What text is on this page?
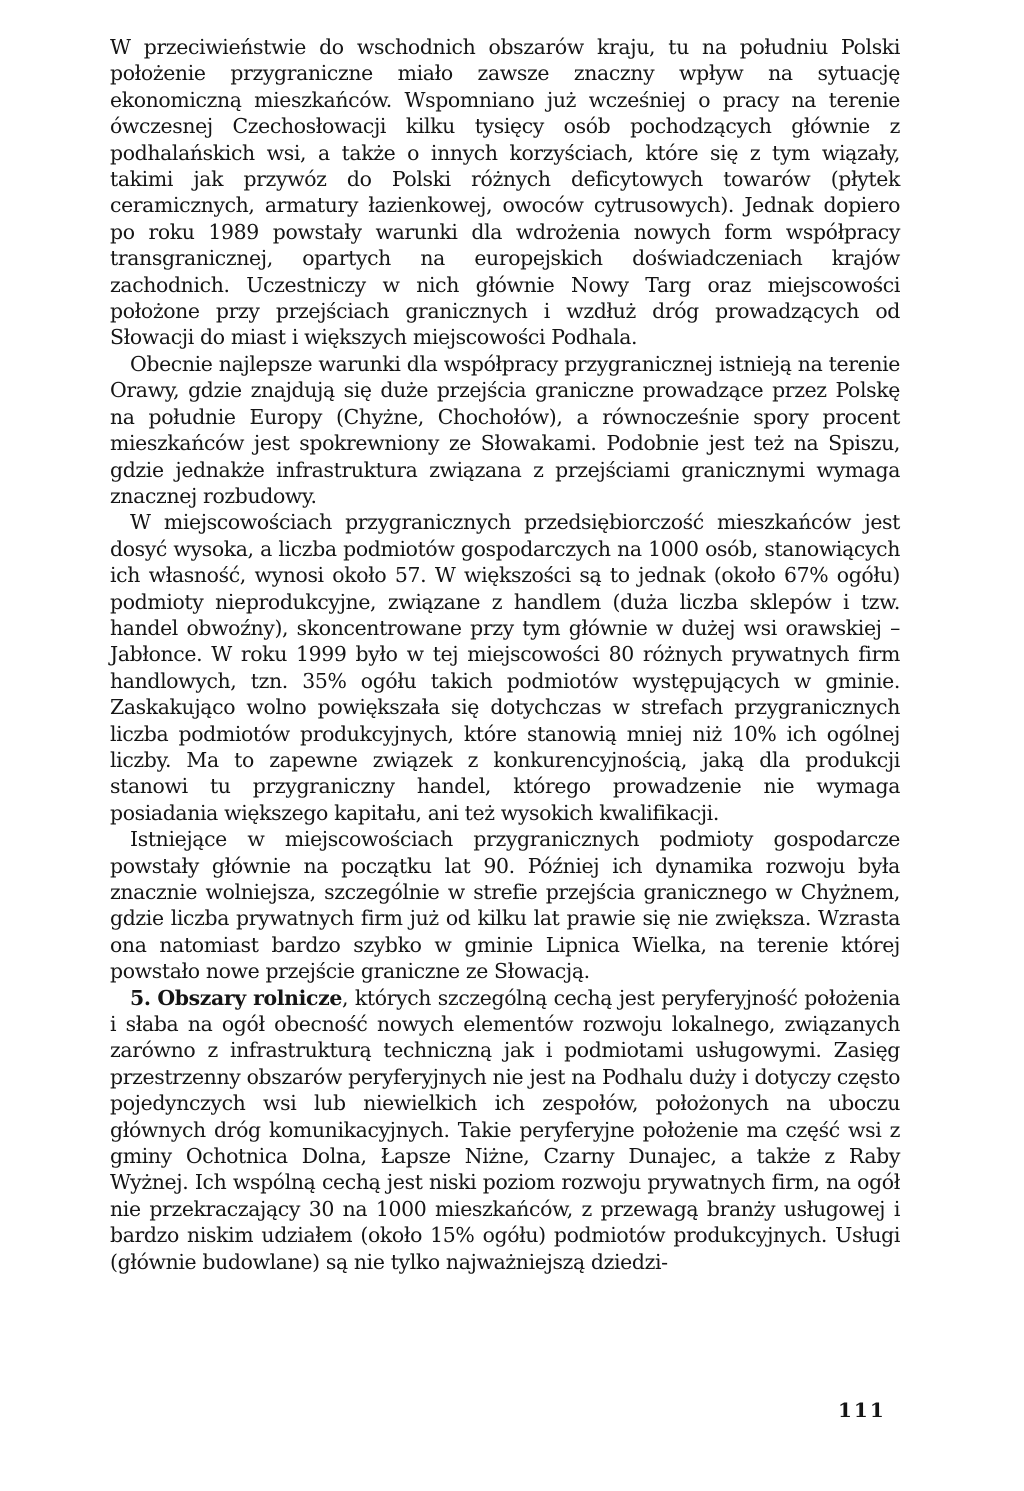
W przeciwieństwie do wschodnich obszarów kraju, tu na południu Polski położenie przygraniczne miało zawsze znaczny wpływ na sytuację ekonomiczną mieszkańców. Wspomniano już wcześniej o pracy na terenie ówczesnej Czechosłowacji kilku tysięcy osób pochodzących głównie z podhalańskich wsi, a także o innych korzyściach, które się z tym wiązały, takimi jak przywóz do Polski różnych deficytowych towarów (płytek ceramicznych, armatury łazienkowej, owoców cytrusowych). Jednak dopiero po roku 1989 powstały warunki dla wdrożenia nowych form współpracy transgranicznej, opartych na europejskich doświadczeniach krajów zachodnich. Uczestniczy w nich głównie Nowy Targ oraz miejscowości położone przy przejściach granicznych i wzdłuż dróg prowadzących od Słowacji do miast i większych miejscowości Podhala.

Obecnie najlepsze warunki dla współpracy przygranicznej istnieją na terenie Orawy, gdzie znajdują się duże przejścia graniczne prowadzące przez Polskę na południe Europy (Chyżne, Chochołów), a równocześnie spory procent mieszkańców jest spokrewniony ze Słowakami. Podobnie jest też na Spiszu, gdzie jednakże infrastruktura związana z przejściami granicznymi wymaga znacznej rozbudowy.

W miejscowościach przygranicznych przedsiębiorczość mieszkańców jest dosyć wysoka, a liczba podmiotów gospodarczych na 1000 osób, stanowiących ich własność, wynosi około 57. W większości są to jednak (około 67% ogółu) podmioty nieprodukcyjne, związane z handlem (duża liczba sklepów i tzw. handel obwoźny), skoncentrowane przy tym głównie w dużej wsi orawskiej – Jabłonce. W roku 1999 było w tej miejscowości 80 różnych prywatnych firm handlowych, tzn. 35% ogółu takich podmiotów występujących w gminie. Zaskakująco wolno powiększała się dotychczas w strefach przygranicznych liczba podmiotów produkcyjnych, które stanowią mniej niż 10% ich ogólnej liczby. Ma to zapewne związek z konkurencyjnością, jaką dla produkcji stanowi tu przygraniczny handel, którego prowadzenie nie wymaga posiadania większego kapitału, ani też wysokich kwalifikacji.

Istniejące w miejscowościach przygranicznych podmioty gospodarcze powstały głównie na początku lat 90. Później ich dynamika rozwoju była znacznie wolniejsza, szczególnie w strefie przejścia granicznego w Chyżnem, gdzie liczba prywatnych firm już od kilku lat prawie się nie zwiększa. Wzrasta ona natomiast bardzo szybko w gminie Lipnica Wielka, na terenie której powstało nowe przejście graniczne ze Słowacją.

5. Obszary rolnicze, których szczególną cechą jest peryferyjność położenia i słaba na ogół obecność nowych elementów rozwoju lokalnego, związanych zarówno z infrastrukturą techniczną jak i podmiotami usługowymi. Zasięg przestrzenny obszarów peryferyjnych nie jest na Podhalu duży i dotyczy często pojedynczych wsi lub niewielkich ich zespołów, położonych na uboczu głównych dróg komunikacyjnych. Takie peryferyjne położenie ma część wsi z gminy Ochotnica Dolna, Łapsze Niżne, Czarny Dunajec, a także z Raby Wyżnej. Ich wspólną cechą jest niski poziom rozwoju prywatnych firm, na ogół nie przekraczający 30 na 1000 mieszkańców, z przewagą branży usługowej i bardzo niskim udziałem (około 15% ogółu) podmiotów produkcyjnych. Usługi (głównie budowlane) są nie tylko najważniejszą dziedzi-

111
